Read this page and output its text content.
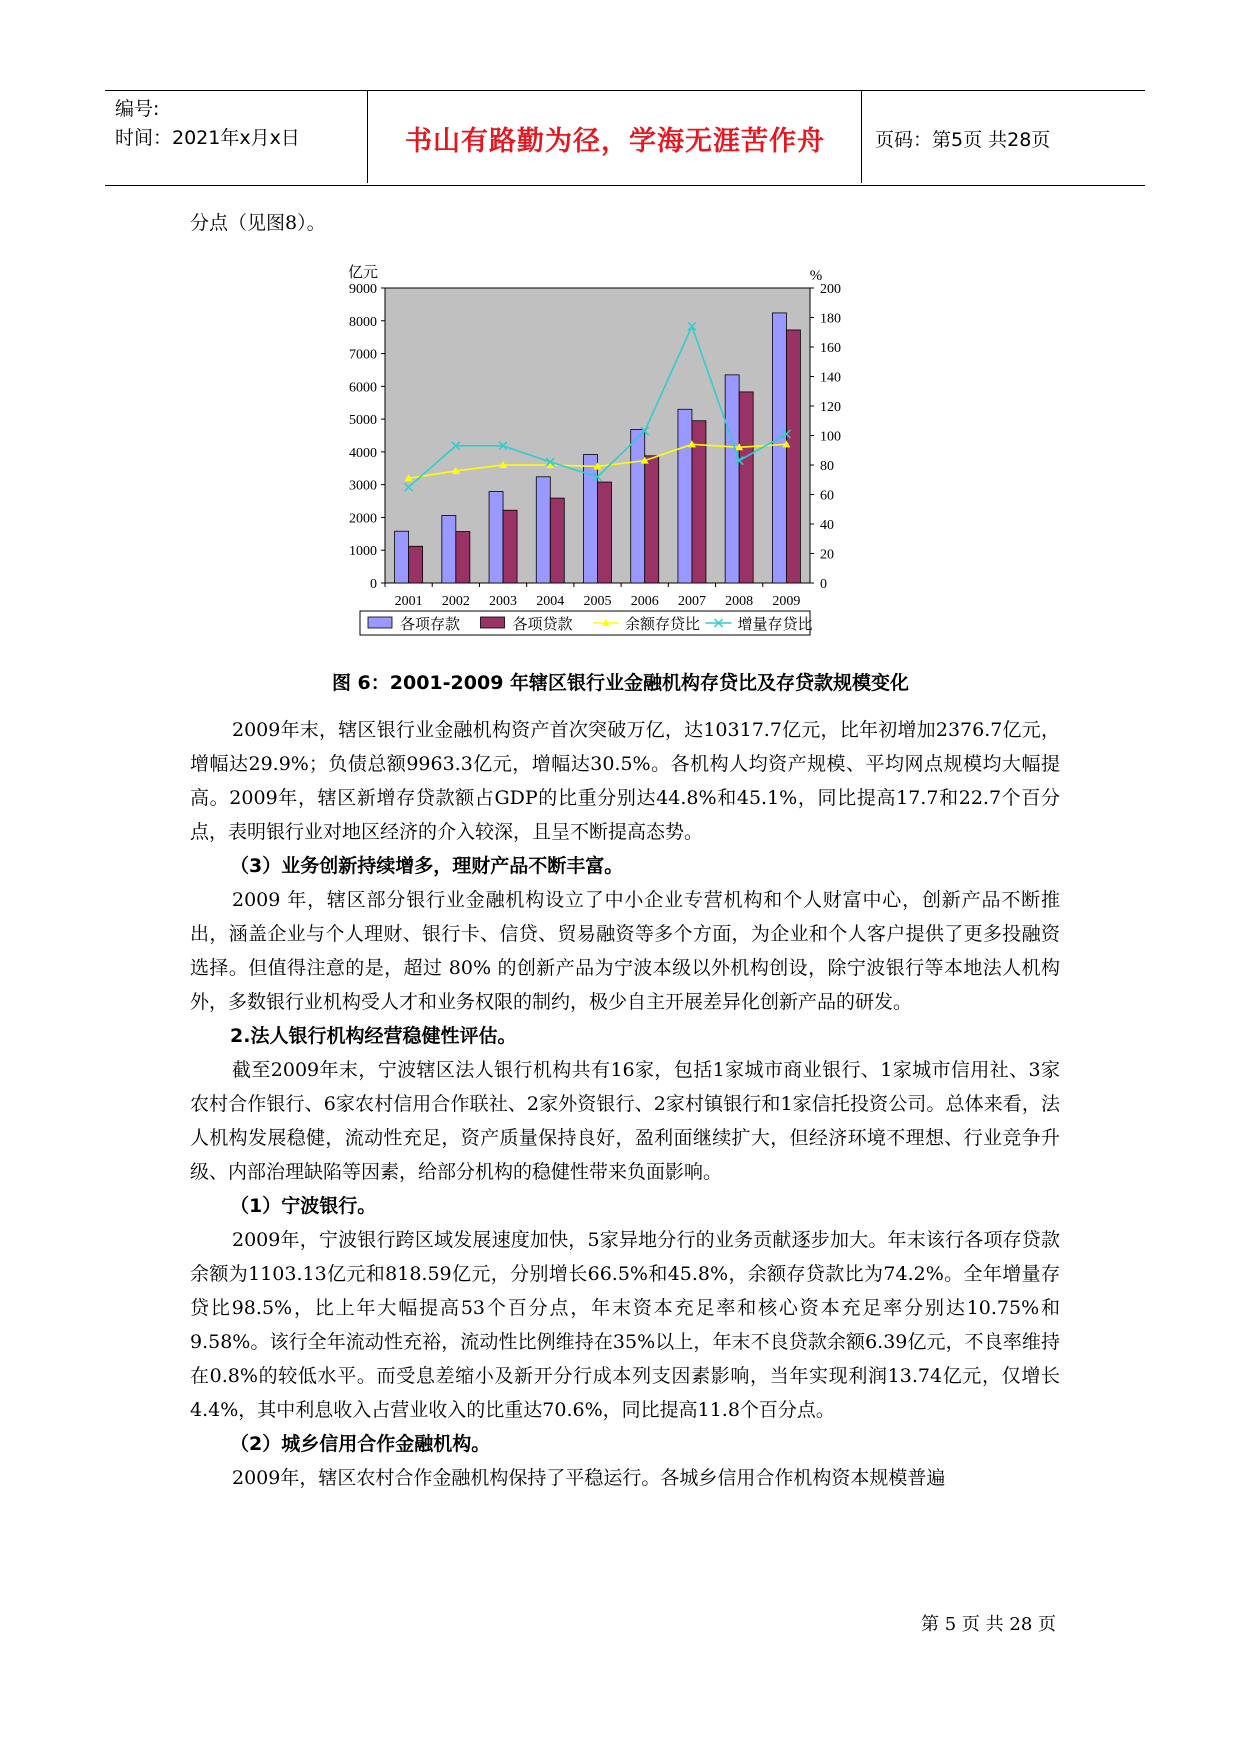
编号:
时间：2021年x月x日	书山有路勤为径，学海无涯苦作舟	页码：第5页 共28页

分点（见图8）。

9000
8000
7000
6000
5000
4000
3000
2000
1000
0
亿元
200
180
160
140
120
100
80
60
40
20
0
%
2001 2002 2003 2004 2005 2006 2007 2008 2009
各项存款	各项贷款	余额存贷比 增量存贷比
图 6：2001-2009 年辖区银行业金融机构存贷比及存贷款规模变化

2009年末，辖区银行业金融机构资产首次突破万亿，达10317.7亿元，比年初增加2376.7亿元，增幅达29.9%；负债总额9963.3亿元，增幅达30.5%。各机构人均资产规模、平均网点规模均大幅提高。2009年，辖区新增存贷款额占GDP的比重分别达44.8%和45.1%，同比提高17.7和22.7个百分点，表明银行业对地区经济的介入较深，且呈不断提高态势。

（3）业务创新持续增多，理财产品不断丰富。

2009 年，辖区部分银行业金融机构设立了中小企业专营机构和个人财富中心，创新产品不断推出，涵盖企业与个人理财、银行卡、信贷、贸易融资等多个方面，为企业和个人客户提供了更多投融资选择。但值得注意的是，超过 80% 的创新产品为宁波本级以外机构创设，除宁波银行等本地法人机构外，多数银行业机构受人才和业务权限的制约，极少自主开展差异化创新产品的研发。

2.法人银行机构经营稳健性评估。

截至2009年末，宁波辖区法人银行机构共有16家，包括1家城市商业银行、1家城市信用社、3家农村合作银行、6家农村信用合作联社、2家外资银行、2家村镇银行和1家信托投资公司。总体来看，法人机构发展稳健，流动性充足，资产质量保持良好，盈利面继续扩大，但经济环境不理想、行业竞争升级、内部治理缺陷等因素，给部分机构的稳健性带来负面影响。

（1）宁波银行。

2009年，宁波银行跨区域发展速度加快，5家异地分行的业务贡献逐步加大。年末该行各项存贷款余额为1103.13亿元和818.59亿元，分别增长66.5%和45.8%，余额存贷款比为74.2%。全年增量存贷比98.5%，比上年大幅提高53个百分点，年末资本充足率和核心资本充足率分别达10.75%和9.58%。该行全年流动性充裕，流动性比例维持在35%以上，年末不良贷款余额6.39亿元，不良率维持在0.8%的较低水平。而受息差缩小及新开分行成本列支因素影响，当年实现利润13.74亿元，仅增长4.4%，其中利息收入占营业收入的比重达70.6%，同比提高11.8个百分点。

（2）城乡信用合作金融机构。

2009年，辖区农村合作金融机构保持了平稳运行。各城乡信用合作机构资本规模普遍

第 5 页 共 28 页
